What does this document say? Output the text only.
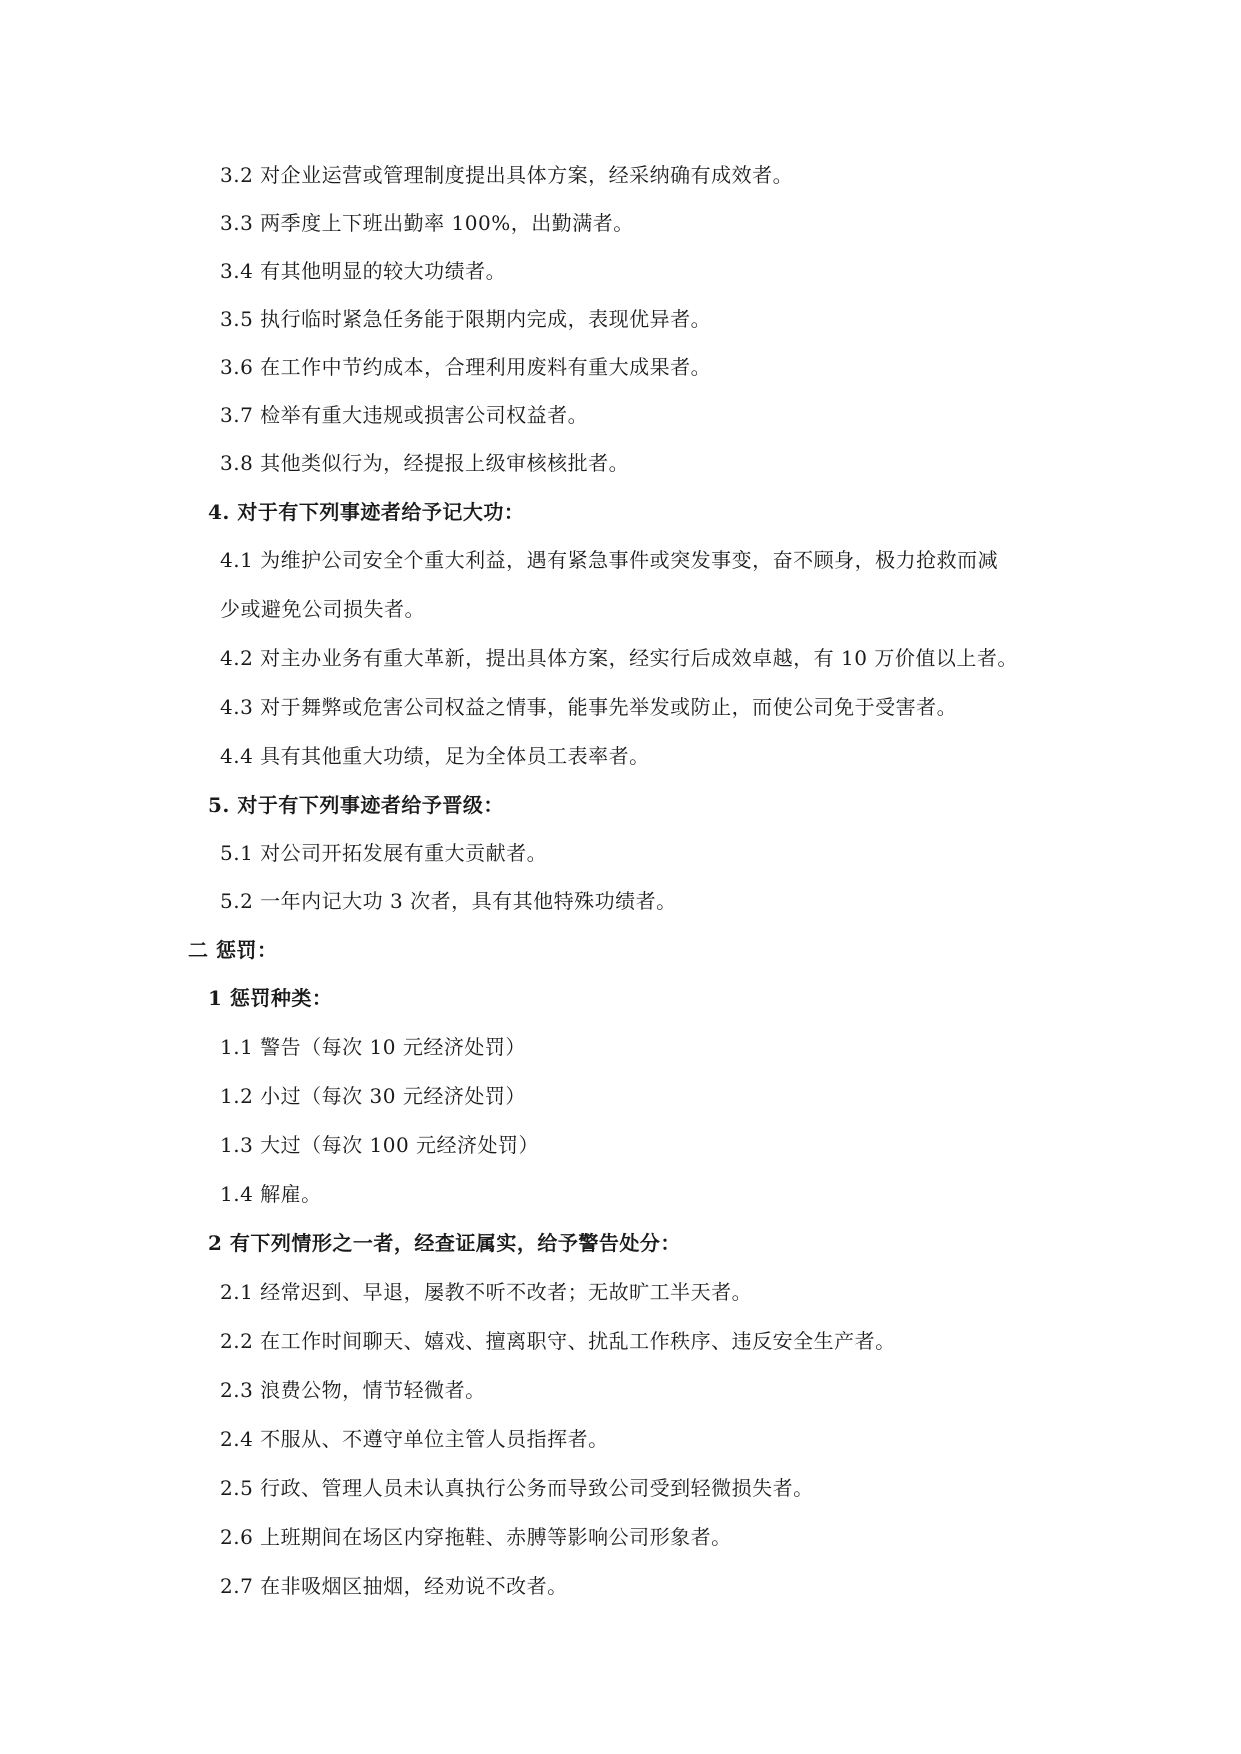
3.2 对企业运营或管理制度提出具体方案，经采纳确有成效者。
3.3 两季度上下班出勤率 100%，出勤满者。
3.4 有其他明显的较大功绩者。
3.5 执行临时紧急任务能于限期内完成，表现优异者。
3.6 在工作中节约成本，合理利用废料有重大成果者。
3.7 检举有重大违规或损害公司权益者。
3.8 其他类似行为，经提报上级审核核批者。
4. 对于有下列事迹者给予记大功：
4.1 为维护公司安全个重大利益，遇有紧急事件或突发事变，奋不顾身，极力抢救而减
少或避免公司损失者。
4.2 对主办业务有重大革新，提出具体方案，经实行后成效卓越，有 10 万价值以上者。
4.3 对于舞弊或危害公司权益之情事，能事先举发或防止，而使公司免于受害者。
4.4 具有其他重大功绩，足为全体员工表率者。
5. 对于有下列事迹者给予晋级：
5.1 对公司开拓发展有重大贡献者。
5.2 一年内记大功 3 次者，具有其他特殊功绩者。
二 惩罚：
1 惩罚种类：
1.1 警告（每次 10 元经济处罚）
1.2 小过（每次 30 元经济处罚）
1.3 大过（每次 100 元经济处罚）
1.4 解雇。
2 有下列情形之一者，经查证属实，给予警告处分：
2.1 经常迟到、早退，屡教不听不改者；无故旷工半天者。
2.2 在工作时间聊天、嬉戏、擅离职守、扰乱工作秩序、违反安全生产者。
2.3 浪费公物，情节轻微者。
2.4 不服从、不遵守单位主管人员指挥者。
2.5 行政、管理人员未认真执行公务而导致公司受到轻微损失者。
2.6 上班期间在场区内穿拖鞋、赤膊等影响公司形象者。
2.7 在非吸烟区抽烟，经劝说不改者。
